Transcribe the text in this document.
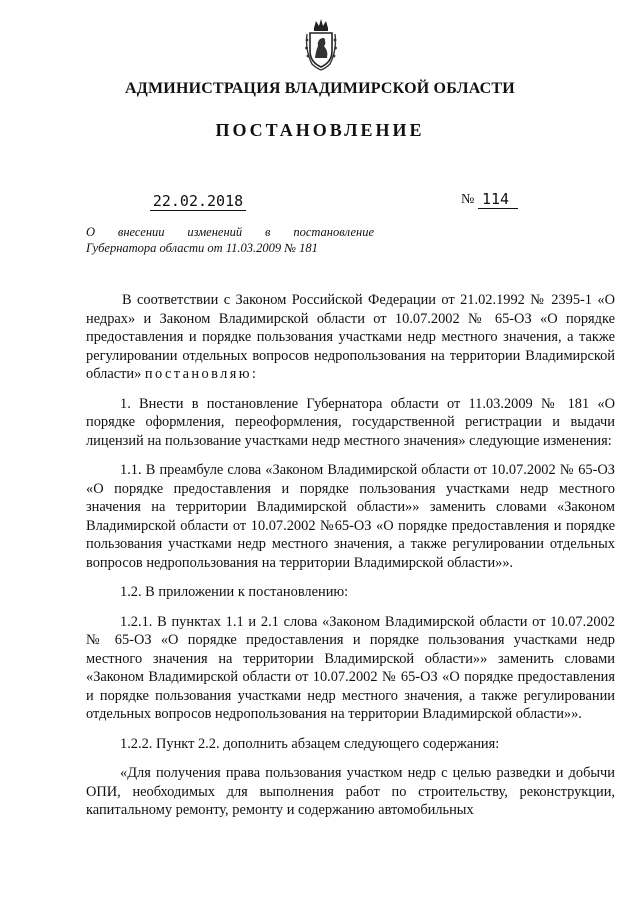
АДМИНИСТРАЦИЯ ВЛАДИМИРСКОЙ ОБЛАСТИ
ПОСТАНОВЛЕНИЕ
22.02.2018	№ 114
О внесении изменений в постановление
Губернатора области от 11.03.2009 № 181

В соответствии с Законом Российской Федерации от 21.02.1992 № 2395-1 «О недрах» и Законом Владимирской области от 10.07.2002 № 65-ОЗ «О порядке предоставления и порядке пользования участками недр местного значения, а также регулировании отдельных вопросов недропользования на территории Владимирской области» постановляю:

1. Внести в постановление Губернатора области от 11.03.2009 № 181 «О порядке оформления, переоформления, государственной регистрации и выдачи лицензий на пользование участками недр местного значения» следующие изменения:

1.1. В преамбуле слова «Законом Владимирской области от 10.07.2002 № 65-ОЗ «О порядке предоставления и порядке пользования участками недр местного значения на территории Владимирской области»» заменить словами «Законом Владимирской области от 10.07.2002 №65-ОЗ «О порядке предоставления и порядке пользования участками недр местного значения, а также регулировании отдельных вопросов недропользования на территории Владимирской области»».

1.2. В приложении к постановлению:

1.2.1. В пунктах 1.1 и 2.1 слова «Законом Владимирской области от 10.07.2002 № 65-ОЗ «О порядке предоставления и порядке пользования участками недр местного значения на территории Владимирской области»» заменить словами «Законом Владимирской области от 10.07.2002 № 65-ОЗ «О порядке предоставления и порядке пользования участками недр местного значения, а также регулировании отдельных вопросов недропользования на территории Владимирской области»».

1.2.2. Пункт 2.2. дополнить абзацем следующего содержания:

«Для получения права пользования участком недр с целью разведки и добычи ОПИ, необходимых для выполнения работ по строительству, реконструкции, капитальному ремонту, ремонту и содержанию автомобильных
